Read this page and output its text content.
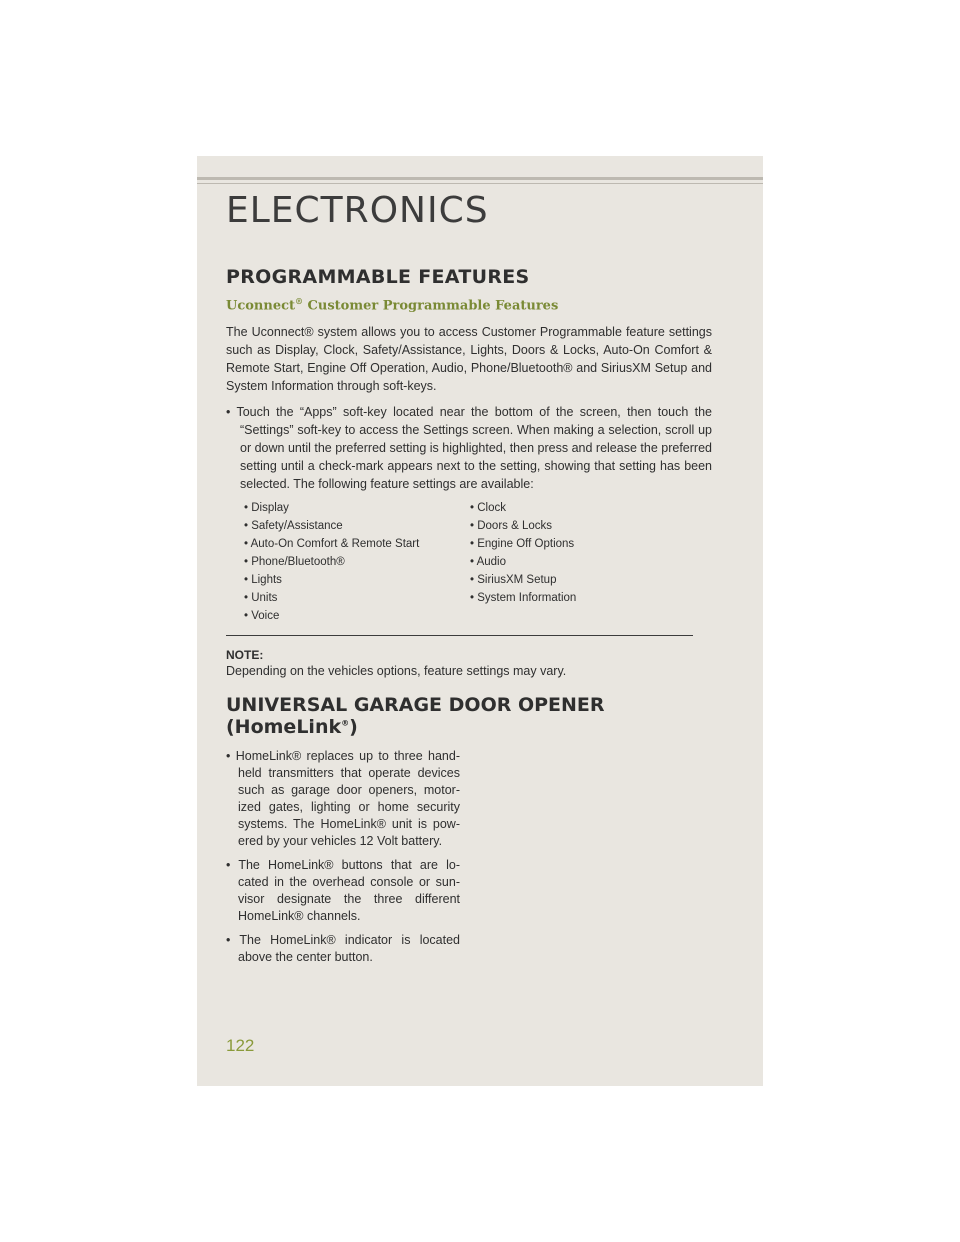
ELECTRONICS
PROGRAMMABLE FEATURES
Uconnect® Customer Programmable Features

The Uconnect® system allows you to access Customer Programmable feature settings such as Display, Clock, Safety/Assistance, Lights, Doors & Locks, Auto-On Comfort & Remote Start, Engine Off Operation, Audio, Phone/Bluetooth® and SiriusXM Setup and System Information through soft-keys.

• Touch the “Apps” soft-key located near the bottom of the screen, then touch the “Settings” soft-key to access the Settings screen. When making a selection, scroll up or down until the preferred setting is highlighted, then press and release the preferred setting until a check-mark appears next to the setting, showing that setting has been selected. The following feature settings are available:

• Display	• Clock
• Safety/Assistance	• Doors & Locks
• Auto-On Comfort & Remote Start	• Engine Off Options
• Phone/Bluetooth®	• Audio
• Lights	• SiriusXM Setup
• Units	• System Information
• Voice
NOTE:
Depending on the vehicles options, feature settings may vary.
UNIVERSAL GARAGE DOOR OPENER (HomeLink®)

• HomeLink® replaces up to three hand-held transmitters that operate devices such as garage door openers, motor-ized gates, lighting or home security systems. The HomeLink® unit is pow-ered by your vehicles 12 Volt battery.

• The HomeLink® buttons that are lo-cated in the overhead console or sun-visor designate the three different HomeLink® channels.

• The HomeLink® indicator is located above the center button.

122
